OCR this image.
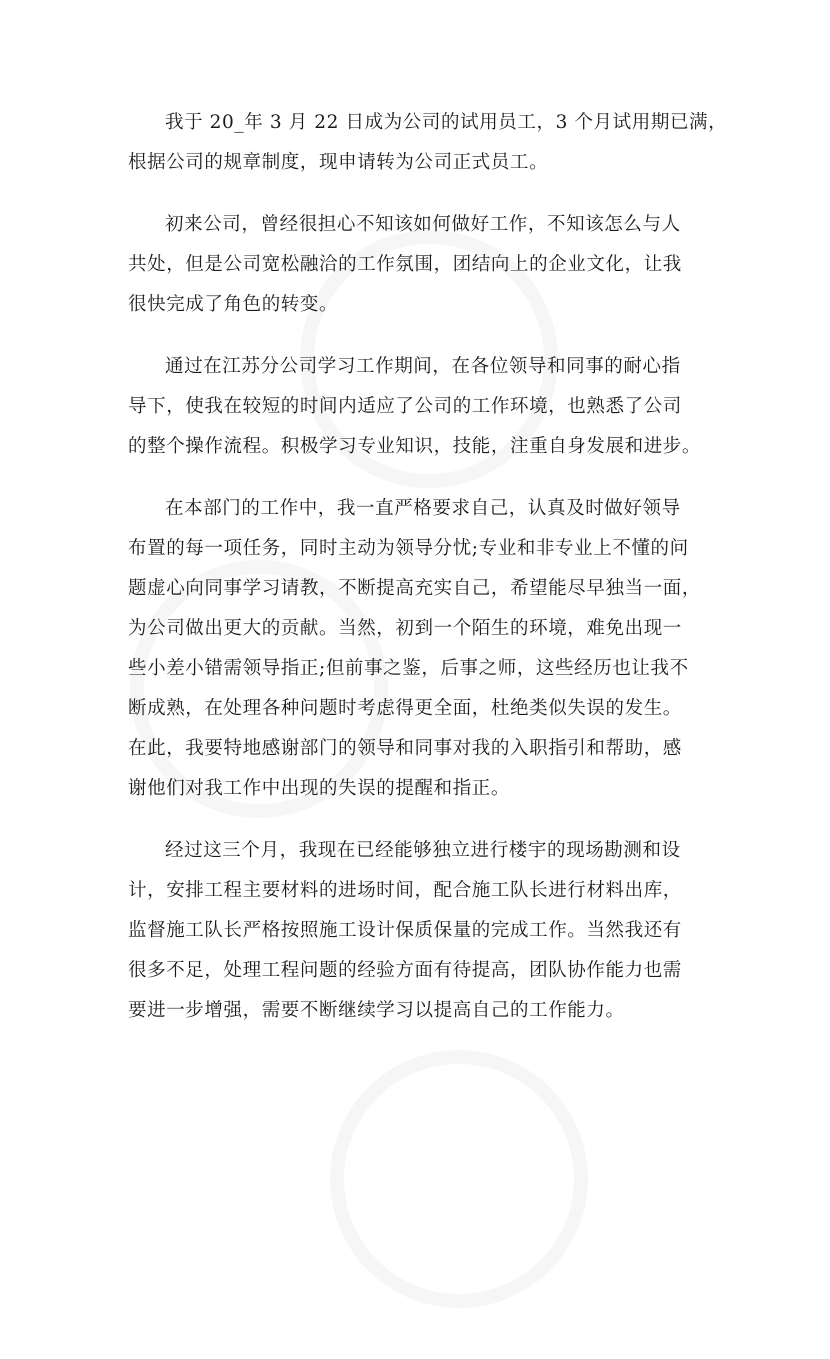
我于 20_年 3 月 22 日成为公司的试用员工，3 个月试用期已满，
根据公司的规章制度，现申请转为公司正式员工。

初来公司，曾经很担心不知该如何做好工作，不知该怎么与人
共处，但是公司宽松融洽的工作氛围，团结向上的企业文化，让我
很快完成了角色的转变。

通过在江苏分公司学习工作期间，在各位领导和同事的耐心指
导下，使我在较短的时间内适应了公司的工作环境，也熟悉了公司
的整个操作流程。积极学习专业知识，技能，注重自身发展和进步。

在本部门的工作中，我一直严格要求自己，认真及时做好领导
布置的每一项任务，同时主动为领导分忧;专业和非专业上不懂的问
题虚心向同事学习请教，不断提高充实自己，希望能尽早独当一面，
为公司做出更大的贡献。当然，初到一个陌生的环境，难免出现一
些小差小错需领导指正;但前事之鉴，后事之师，这些经历也让我不
断成熟，在处理各种问题时考虑得更全面，杜绝类似失误的发生。
在此，我要特地感谢部门的领导和同事对我的入职指引和帮助，感
谢他们对我工作中出现的失误的提醒和指正。

经过这三个月，我现在已经能够独立进行楼宇的现场勘测和设
计，安排工程主要材料的进场时间，配合施工队长进行材料出库，
监督施工队长严格按照施工设计保质保量的完成工作。当然我还有
很多不足，处理工程问题的经验方面有待提高，团队协作能力也需
要进一步增强，需要不断继续学习以提高自己的工作能力。
